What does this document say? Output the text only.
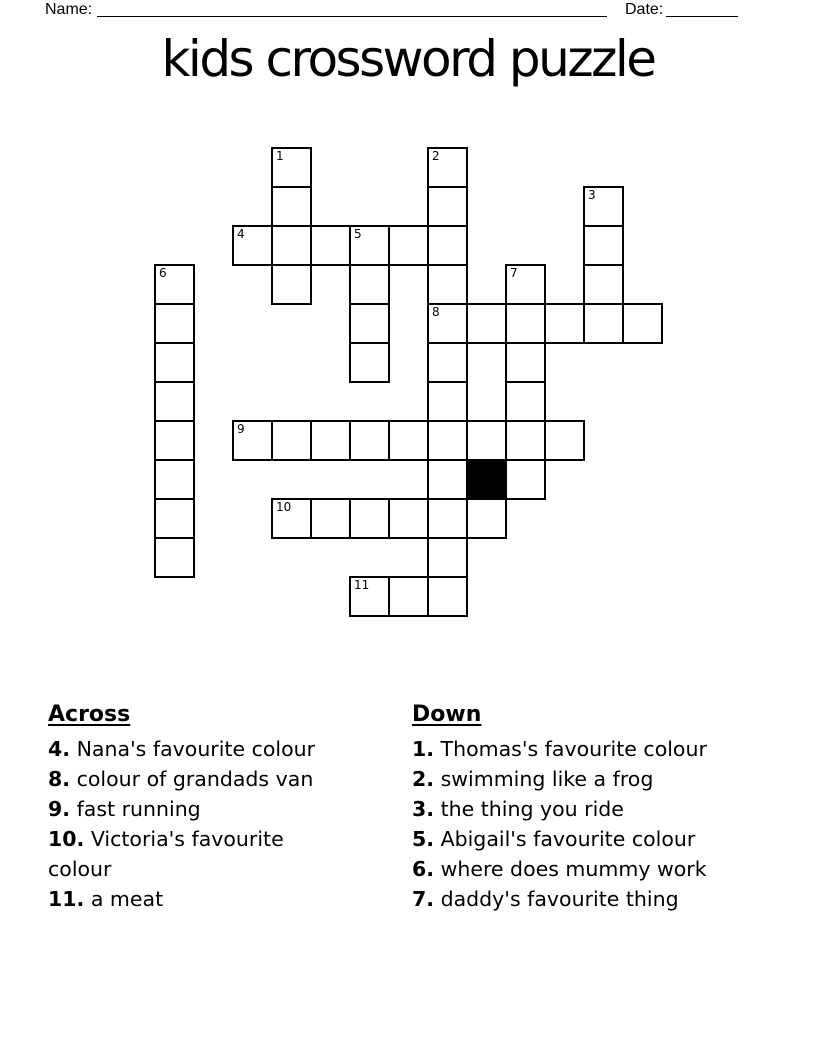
Name:	Date:
kids crossword puzzle
1	2
3
4	5
6	7
8
9
10
11
Across
4. Nana's favourite colour
8. colour of grandads van
9. fast running
10. Victoria's favourite colour
11. a meat
Down
1. Thomas's favourite colour
2. swimming like a frog
3. the thing you ride
5. Abigail's favourite colour
6. where does mummy work
7. daddy's favourite thing
